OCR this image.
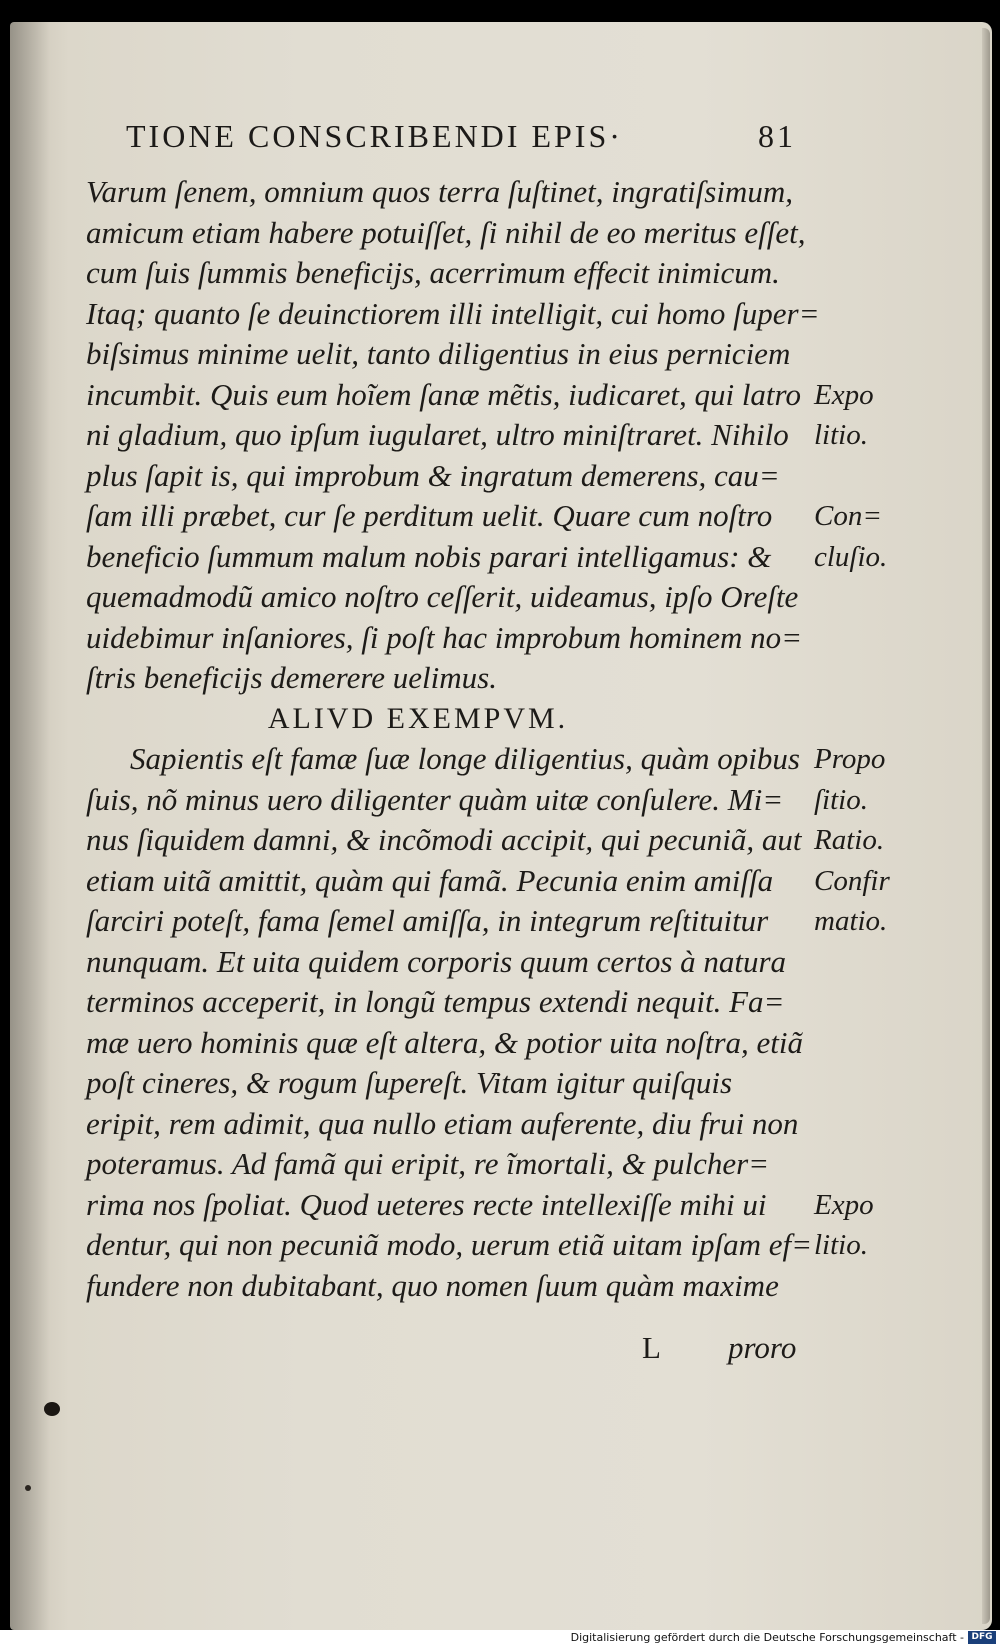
TIONE CONSCRIBENDI EPIS·	81
Varum ſenem, omnium quos terra ſuſtinet, ingratiſsimum,
amicum etiam habere potuiſſet, ſi nihil de eo meritus eſſet,
cum ſuis ſummis beneficijs, acerrimum effecit inimicum.
Itaq; quanto ſe deuinctiorem illi intelligit, cui homo ſuper=
biſsimus minime uelit, tanto diligentius in eius perniciem
incumbit. Quis eum hoĩem ſanæ mẽtis, iudicaret, qui latro
ni gladium, quo ipſum iugularet, ultro miniſtraret. Nihilo
plus ſapit is, qui improbum & ingratum demerens, cau=
ſam illi præbet, cur ſe perditum uelit. Quare cum noſtro
beneficio ſummum malum nobis parari intelligamus: &
quemadmodũ amico noſtro ceſſerit, uideamus, ipſo Oreſte
uidebimur inſaniores, ſi poſt hac improbum hominem no=
ſtris beneficijs demerere uelimus.
ALIVD EXEMPVM.
Sapientis eſt famæ ſuæ longe diligentius, quàm opibus
ſuis, nõ minus uero diligenter quàm uitæ conſulere. Mi=
nus ſiquidem damni, & incõmodi accipit, qui pecuniã, aut
etiam uitã amittit, quàm qui famã. Pecunia enim amiſſa
ſarciri poteſt, fama ſemel amiſſa, in integrum reſtituitur
nunquam. Et uita quidem corporis quum certos à natura
terminos acceperit, in longũ tempus extendi nequit. Fa=
mæ uero hominis quæ eſt altera, & potior uita noſtra, etiã
poſt cineres, & rogum ſupereſt. Vitam igitur quiſquis
eripit, rem adimit, qua nullo etiam auferente, diu frui non
poteramus. Ad famã qui eripit, re ĩmortali, & pulcher=
rima nos ſpoliat. Quod ueteres recte intellexiſſe mihi ui
dentur, qui non pecuniã modo, uerum etiã uitam ipſam ef=
fundere non dubitabant, quo nomen ſuum quàm maxime
Expo
litio.
Con=
cluſio.
Propo
ſitio.
Ratio.
Confir
matio.
Expo
litio.
L proro
Digitalisierung gefördert durch die Deutsche Forschungsgemeinschaft - DFG
